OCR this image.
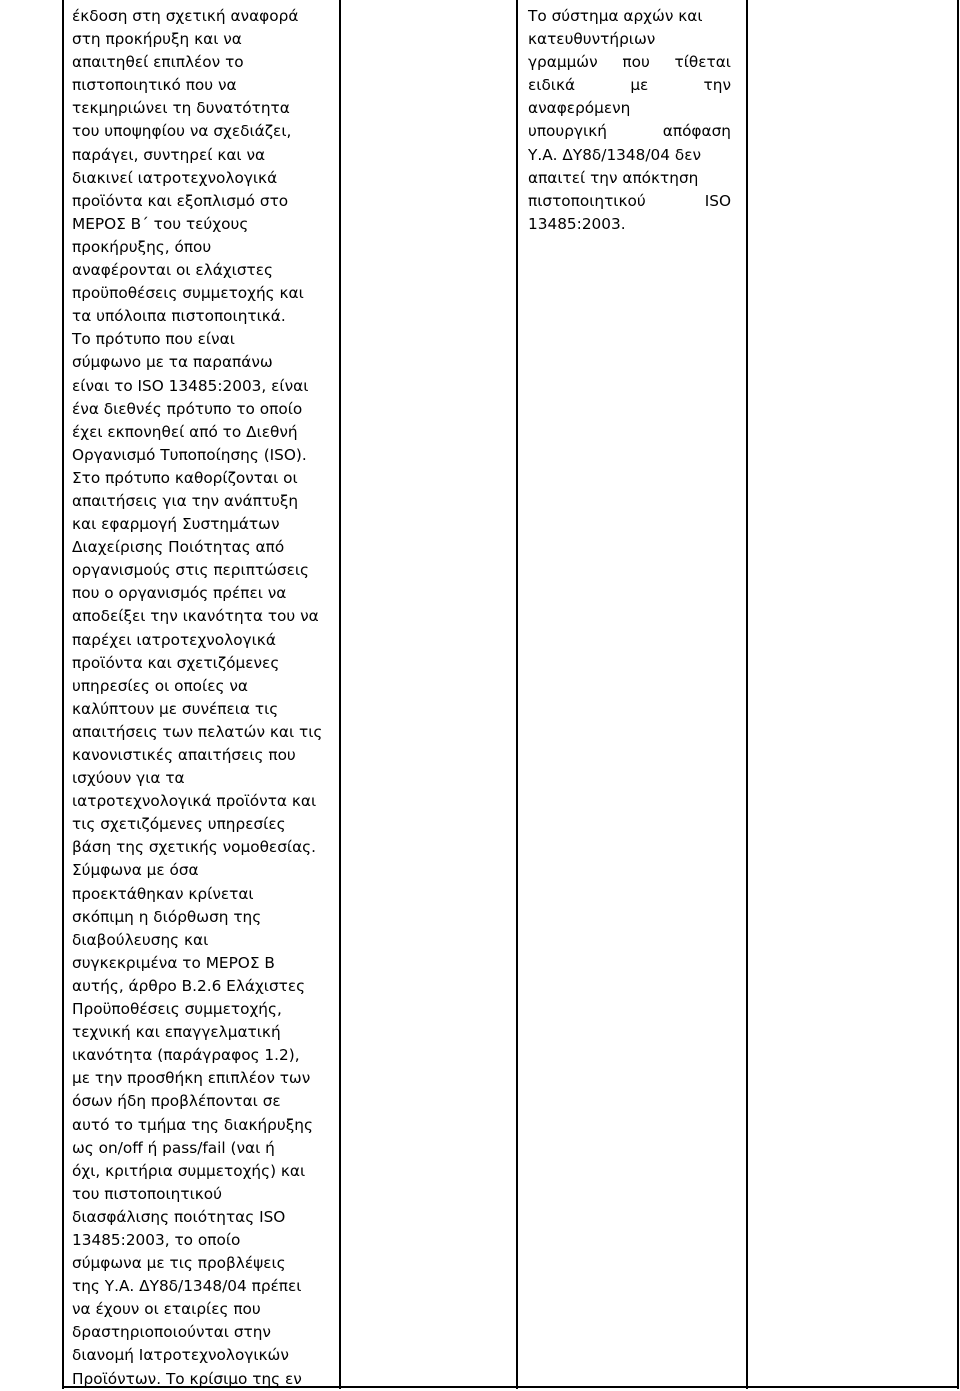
έκδοση στη σχετική αναφορά
στη προκήρυξη και να
απαιτηθεί επιπλέον το
πιστοποιητικό που να
τεκμηριώνει τη δυνατότητα
του υποψηφίου να σχεδιάζει,
παράγει, συντηρεί και να
διακινεί ιατροτεχνολογικά
προϊόντα και εξοπλισμό στο
ΜΕΡΟΣ Β΄ του τεύχους
προκήρυξης, όπου
αναφέρονται οι ελάχιστες
προϋποθέσεις συμμετοχής και
τα υπόλοιπα πιστοποιητικά.
Το πρότυπο που είναι
σύμφωνο με τα παραπάνω
είναι το ISO 13485:2003, είναι
ένα διεθνές πρότυπο το οποίο
έχει εκπονηθεί από το Διεθνή
Οργανισμό Τυποποίησης (ISO).
Στο πρότυπο καθορίζονται οι
απαιτήσεις για την ανάπτυξη
και εφαρμογή Συστημάτων
Διαχείρισης Ποιότητας από
οργανισμούς στις περιπτώσεις
που ο οργανισμός πρέπει να
αποδείξει την ικανότητα του να
παρέχει ιατροτεχνολογικά
προϊόντα και σχετιζόμενες
υπηρεσίες οι οποίες να
καλύπτουν με συνέπεια τις
απαιτήσεις των πελατών και τις
κανονιστικές απαιτήσεις που
ισχύουν για τα
ιατροτεχνολογικά προϊόντα και
τις σχετιζόμενες υπηρεσίες
βάση της σχετικής νομοθεσίας.
Σύμφωνα με όσα
προεκτάθηκαν κρίνεται
σκόπιμη η διόρθωση της
διαβούλευσης και
συγκεκριμένα το ΜΕΡΟΣ Β
αυτής, άρθρο Β.2.6 Ελάχιστες
Προϋποθέσεις συμμετοχής,
τεχνική και επαγγελματική
ικανότητα (παράγραφος 1.2),
με την προσθήκη επιπλέον των
όσων ήδη προβλέπονται σε
αυτό το τμήμα της διακήρυξης
ως on/off ή pass/fail (ναι ή
όχι, κριτήρια συμμετοχής) και
του πιστοποιητικού
διασφάλισης ποιότητας ISO
13485:2003, το οποίο
σύμφωνα με τις προβλέψεις
της Υ.Α. ΔΥ8δ/1348/04 πρέπει
να έχουν οι εταιρίες που
δραστηριοποιούνται στην
διανομή Ιατροτεχνολογικών
Προϊόντων. Το κρίσιμο της εν
Το σύστημα αρχών και
κατευθυντήριων
γραμμών που τίθεται
ειδικά	με	την
αναφερόμενη
υπουργική	απόφαση
Υ.Α. ΔΥ8δ/1348/04 δεν
απαιτεί την απόκτηση
πιστοποιητικού	ISO
13485:2003.
